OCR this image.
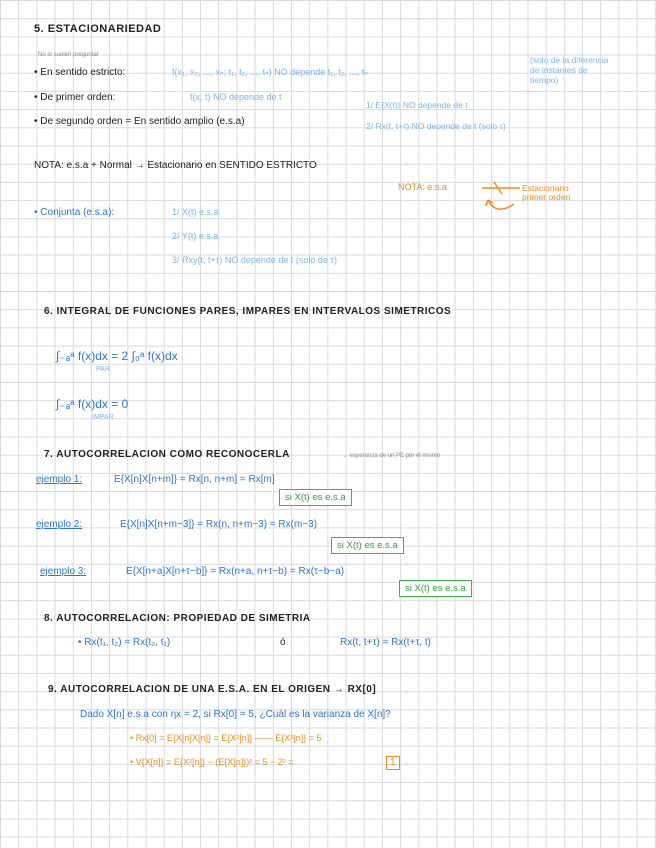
5. ESTACIONARIEDAD
No lo suelen preguntar
• En sentido estricto:	f(x₁, x₂, ..., xₙ; t₁, t₂, ..., tₙ) NO depende t₁, t₂, ..., tₙ
(solo de la diferencia de instantes de tiempo)
• De primer orden:	f(x, t) NO depende de t
• De segundo orden = En sentido amplio (e.s.a)
1/ E{X(t)} NO depende de t
2/ Rx(t, t+τ) NO depende de t (solo τ)
NOTA: e.s.a + Normal → Estacionario en SENTIDO ESTRICTO
NOTA: e.s.a	Estacionario primer orden
• Conjunta (e.s.a):	1/ X(t) e.s.a
2/ Y(t) e.s.a
3/ Rxy(t, t+τ) NO depende de t (solo de τ)
6. INTEGRAL DE FUNCIONES PARES, IMPARES EN INTERVALOS SIMETRICOS
∫₋ₐᵃ f(x)dx = 2 ∫₀ᵃ f(x)dx
PAR
∫₋ₐᵃ f(x)dx = 0
IMPAR
7. AUTOCORRELACION COMO RECONOCERLA	→ esperanza de un PE por él mismo
ejemplo 1:	E{X[n]X[n+m]} = Rx[n, n+m] = Rx[m]
si X(t) es e.s.a
ejemplo 2:	E{X[n]X[n+m−3]} = Rx(n, n+m−3) = Rx(m−3)
si X(t) es e.s.a
ejemplo 3:	E{X[n+a]X[n+τ−b]} = Rx(n+a, n+τ−b) = Rx(τ−b−a)
si X(t) es e.s.a
8. AUTOCORRELACION: PROPIEDAD DE SIMETRIA
• Rx(t₁, t₂) = Rx(t₂, t₁)	ó	Rx(t, t+τ) = Rx(t+τ, t)
9. AUTOCORRELACION DE UNA E.S.A. EN EL ORIGEN → RX[0]
Dado X[n] e.s.a con ηx = 2, si Rx[0] = 5, ¿Cuál es la varianza de X[n]?
• Rx[0] = E{X[n]X[n]} = E{X²[n]} —— E{X²[n]} = 5
• V{X[n]} = E{X²[n]} − (E{X[n]})² = 5 − 2² =	1
